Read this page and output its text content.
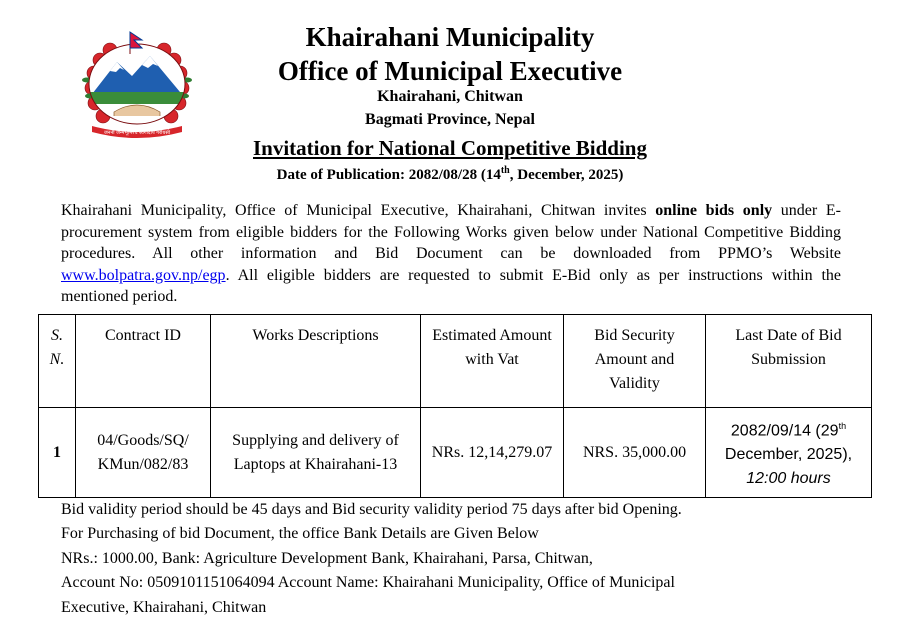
जननी जन्मभूमिश्च स्वर्गादपि गरीयसी
Khairahani Municipality
Office of Municipal Executive
Khairahani, Chitwan
Bagmati Province, Nepal
Invitation for National Competitive Bidding
Date of Publication: 2082/08/28 (14th, December, 2025)
Khairahani Municipality, Office of Municipal Executive, Khairahani, Chitwan invites online bids only under E-procurement system from eligible bidders for the Following Works given below under National Competitive Bidding procedures. All other information and Bid Document can be downloaded from PPMO’s Website www.bolpatra.gov.np/egp. All eligible bidders are requested to submit E-Bid only as per instructions within the mentioned period.
S. N.	Contract ID	Works Descriptions	Estimated Amount with Vat	Bid Security Amount and Validity	Last Date of Bid Submission
1	04/Goods/SQ/ KMun/082/83	Supplying and delivery of Laptops at Khairahani-13	NRs. 12,14,279.07	NRS. 35,000.00	2082/09/14 (29th December, 2025),
12:00 hours
Bid validity period should be 45 days and Bid security validity period 75 days after bid Opening.
For Purchasing of bid Document, the office Bank Details are Given Below
NRs.: 1000.00, Bank: Agriculture Development Bank, Khairahani, Parsa, Chitwan,
Account No: 0509101151064094 Account Name: Khairahani Municipality, Office of Municipal
Executive, Khairahani, Chitwan
